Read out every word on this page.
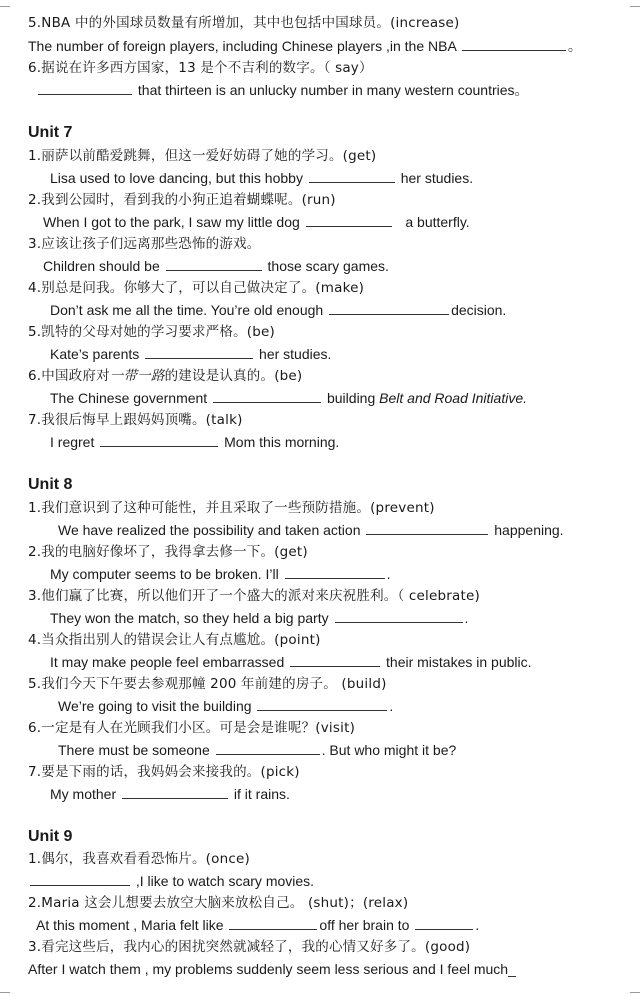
5.NBA 中的外国球员数量有所增加，其中也包括中国球员。(increase)
The number of foreign players, including Chinese players ,in the NBA	。
6.据说在许多西方国家，13 是个不吉利的数字。（ say）
that thirteen is an unlucky number in many western countries。
Unit 7
1.丽萨以前酷爱跳舞，但这一爱好妨碍了她的学习。(get)
Lisa used to love dancing, but this hobby	her studies.
2.我到公园时，看到我的小狗正追着蝴蝶呢。(run)
When I got to the park, I saw my little dog	a butterfly.
3.应该让孩子们远离那些恐怖的游戏。
Children should be	those scary games.
4.别总是问我。你够大了，可以自己做决定了。(make)
Don’t ask me all the time. You’re old enough	decision.
5.凯特的父母对她的学习要求严格。(be)
Kate’s parents	her studies.
6.中国政府对一带一路的建设是认真的。(be)
The Chinese government	building Belt and Road Initiative.
7.我很后悔早上跟妈妈顶嘴。(talk)
I regret	Mom this morning.
Unit 8
1.我们意识到了这种可能性，并且采取了一些预防措施。(prevent)
We have realized the possibility and taken action	happening.
2.我的电脑好像坏了，我得拿去修一下。(get)
My computer seems to be broken. I’ll	.
3.他们赢了比赛，所以他们开了一个盛大的派对来庆祝胜利。（ celebrate)
They won the match, so they held a big party	.
4.当众指出别人的错误会让人有点尴尬。(point)
It may make people feel embarrassed	their mistakes in public.
5.我们今天下午要去参观那幢 200 年前建的房子。 (build)
We’re going to visit the building	.
6.一定是有人在光顾我们小区。可是会是谁呢？(visit)
There must be someone	. But who might it be?
7.要是下雨的话，我妈妈会来接我的。(pick)
My mother	if it rains.
Unit 9
1.偶尔，我喜欢看看恐怖片。(once)
,I like to watch scary movies.
2.Maria 这会儿想要去放空大脑来放松自己。 (shut)；(relax)
At this moment , Maria felt like	off her brain to	.
3.看完这些后，我内心的困扰突然就减轻了，我的心情又好多了。(good)
After I watch them , my problems suddenly seem less serious and I feel much_
